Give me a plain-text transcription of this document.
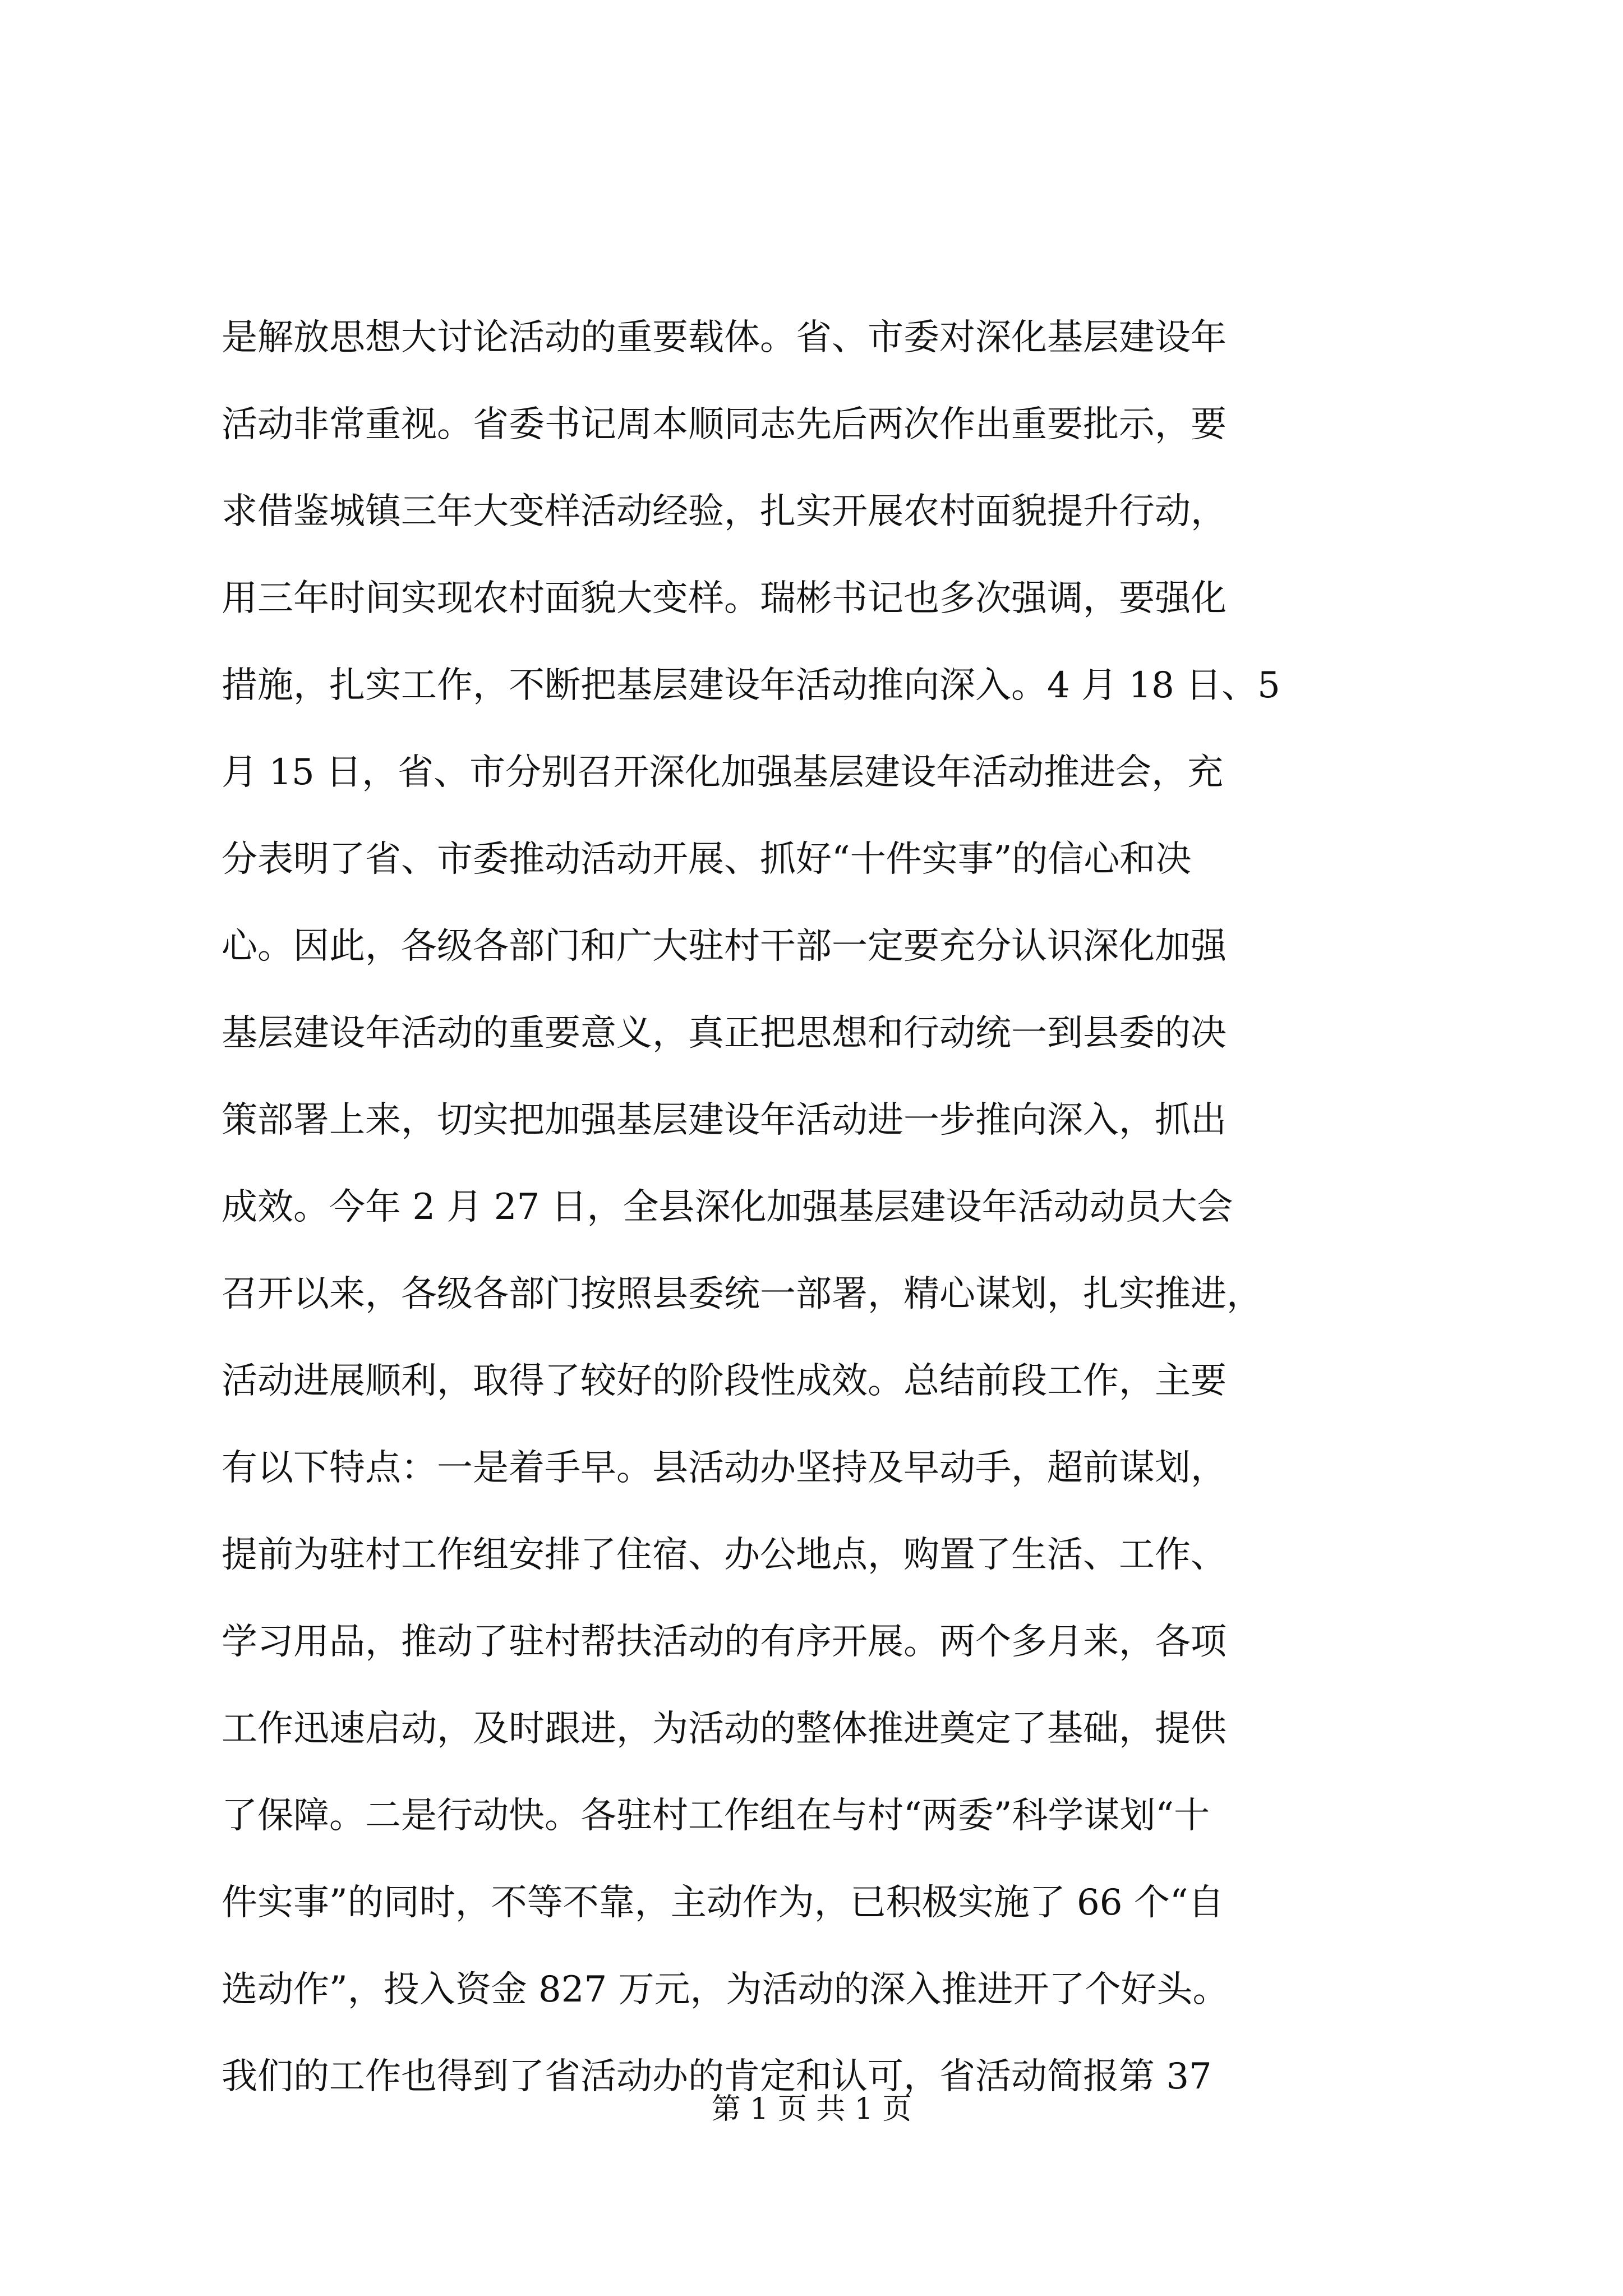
是解放思想大讨论活动的重要载体。省、市委对深化基层建设年
活动非常重视。省委书记周本顺同志先后两次作出重要批示，要
求借鉴城镇三年大变样活动经验，扎实开展农村面貌提升行动，
用三年时间实现农村面貌大变样。瑞彬书记也多次强调，要强化
措施，扎实工作，不断把基层建设年活动推向深入。4 月 18 日、5
月 15 日，省、市分别召开深化加强基层建设年活动推进会，充
分表明了省、市委推动活动开展、抓好“十件实事”的信心和决
心。因此，各级各部门和广大驻村干部一定要充分认识深化加强
基层建设年活动的重要意义，真正把思想和行动统一到县委的决
策部署上来，切实把加强基层建设年活动进一步推向深入，抓出
成效。今年 2 月 27 日，全县深化加强基层建设年活动动员大会
召开以来，各级各部门按照县委统一部署，精心谋划，扎实推进，
活动进展顺利，取得了较好的阶段性成效。总结前段工作，主要
有以下特点：一是着手早。县活动办坚持及早动手，超前谋划，
提前为驻村工作组安排了住宿、办公地点，购置了生活、工作、
学习用品，推动了驻村帮扶活动的有序开展。两个多月来，各项
工作迅速启动，及时跟进，为活动的整体推进奠定了基础，提供
了保障。二是行动快。各驻村工作组在与村“两委”科学谋划“十
件实事”的同时，不等不靠，主动作为，已积极实施了 66 个“自
选动作”，投入资金 827 万元，为活动的深入推进开了个好头。
我们的工作也得到了省活动办的肯定和认可，省活动简报第 37
第 1 页 共 1 页
